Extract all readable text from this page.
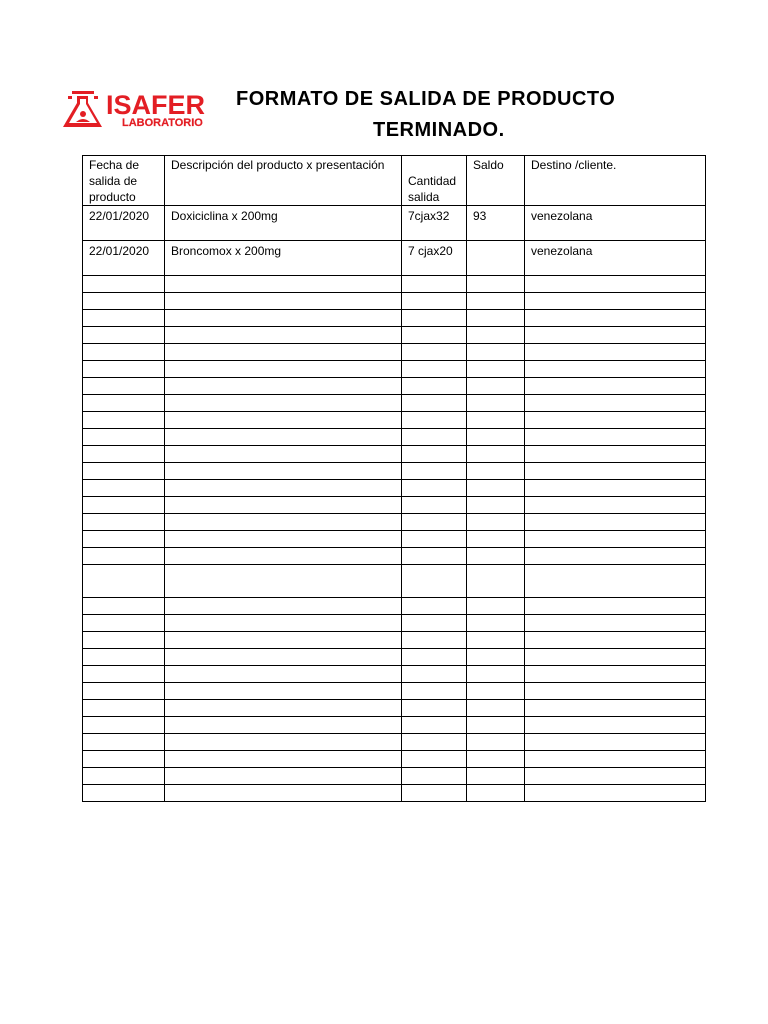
ISAFER
LABORATORIO
FORMATO DE SALIDA DE PRODUCTO
TERMINADO.
Fecha de salida de producto	Descripción del producto x presentación	Cantidad salida	Saldo	Destino /cliente.
22/01/2020	Doxiciclina x 200mg	7cjax32	93	venezolana
22/01/2020	Broncomox x 200mg	7 cjax20		venezolana
